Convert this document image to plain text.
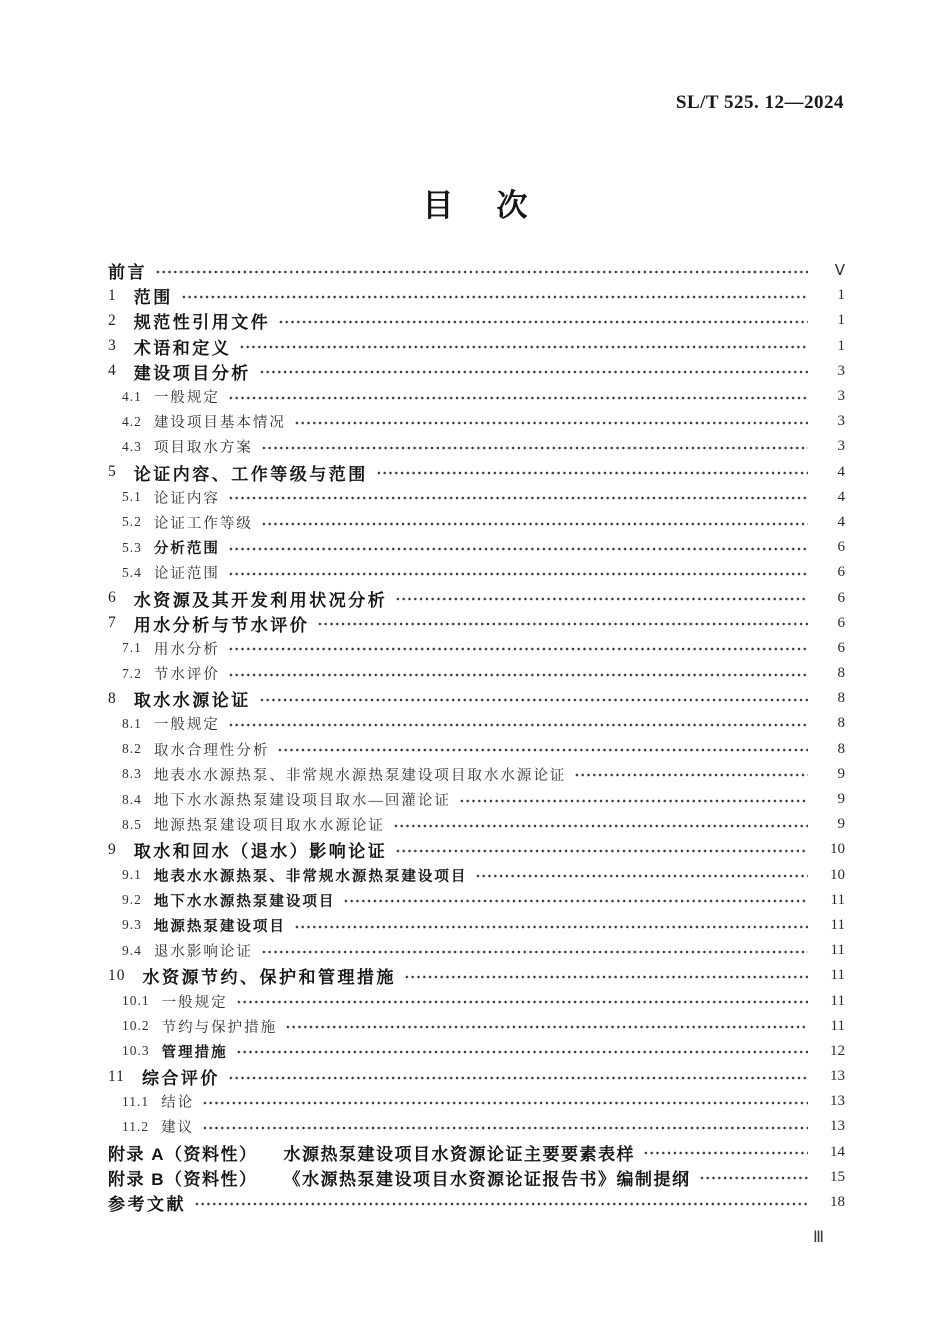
SL/T 525. 12—2024
目　次
前言	Ⅴ
1 范围	1
2 规范性引用文件	1
3 术语和定义	1
4 建设项目分析	3
4.1 一般规定	3
4.2 建设项目基本情况	3
4.3 项目取水方案	3
5 论证内容、工作等级与范围	4
5.1 论证内容	4
5.2 论证工作等级	4
5.3 分析范围	6
5.4 论证范围	6
6 水资源及其开发利用状况分析	6
7 用水分析与节水评价	6
7.1 用水分析	6
7.2 节水评价	8
8 取水水源论证	8
8.1 一般规定	8
8.2 取水合理性分析	8
8.3 地表水水源热泵、非常规水源热泵建设项目取水水源论证	9
8.4 地下水水源热泵建设项目取水—回灌论证	9
8.5 地源热泵建设项目取水水源论证	9
9 取水和回水（退水）影响论证	10
9.1 地表水水源热泵、非常规水源热泵建设项目	10
9.2 地下水水源热泵建设项目	11
9.3 地源热泵建设项目	11
9.4 退水影响论证	11
10 水资源节约、保护和管理措施	11
10.1 一般规定	11
10.2 节约与保护措施	11
10.3 管理措施	12
11 综合评价	13
11.1 结论	13
11.2 建议	13
附录 A（资料性） 水源热泵建设项目水资源论证主要要素表样	14
附录 B（资料性） 《水源热泵建设项目水资源论证报告书》编制提纲	15
参考文献	18
Ⅲ
